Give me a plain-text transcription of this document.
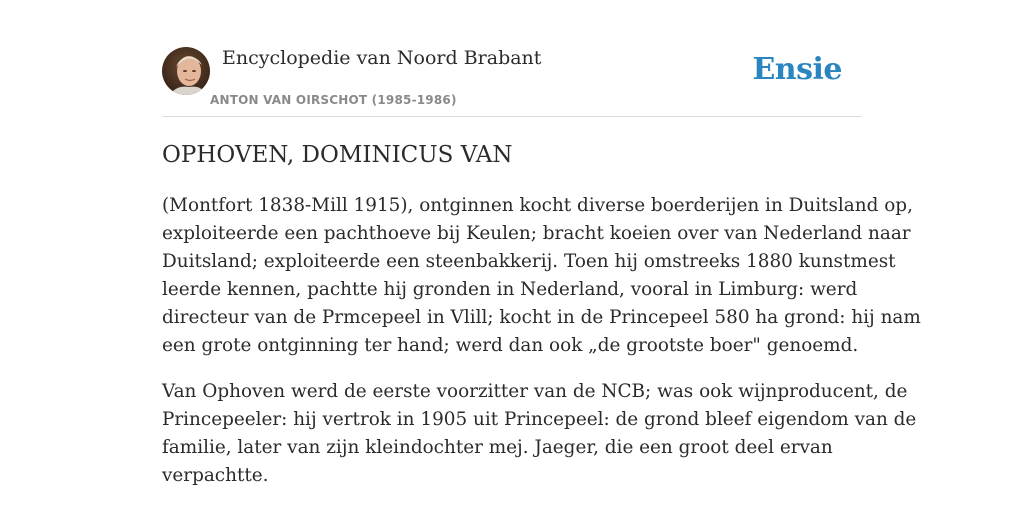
Encyclopedie van Noord Brabant
ANTON VAN OIRSCHOT (1985-1986)
Ensie
OPHOVEN, DOMINICUS VAN

(Montfort 1838-Mill 1915), ontginnen kocht diverse boerderijen in Duitsland op,
exploiteerde een pachthoeve bij Keulen; bracht koeien over van Nederland naar
Duitsland; exploiteerde een steenbakkerij. Toen hij omstreeks 1880 kunstmest
leerde kennen, pachtte hij gronden in Nederland, vooral in Limburg: werd
directeur van de Prmcepeel in Vlill; kocht in de Princepeel 580 ha grond: hij nam
een grote ontginning ter hand; werd dan ook „de grootste boer" genoemd.

Van Ophoven werd de eerste voorzitter van de NCB; was ook wijnproducent, de
Princepeeler: hij vertrok in 1905 uit Princepeel: de grond bleef eigendom van de
familie, later van zijn kleindochter mej. Jaeger, die een groot deel ervan
verpachtte.
